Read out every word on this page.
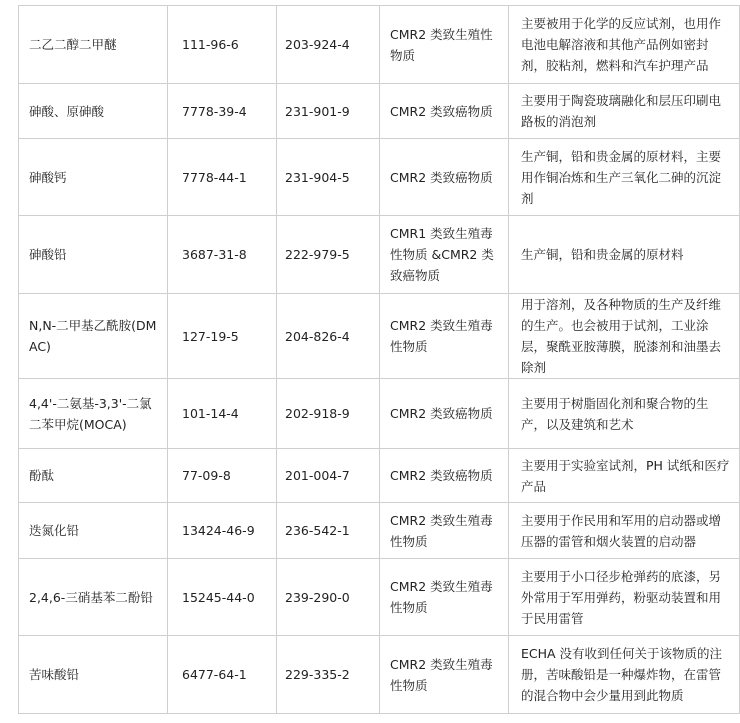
二乙二醇二甲醚	111-96-6	203-924-4	CMR2 类致生殖性物质	主要被用于化学的反应试剂，也用作电池电解溶液和其他产品例如密封剂，胶粘剂，燃料和汽车护理产品
砷酸、原砷酸	7778-39-4	231-901-9	CMR2 类致癌物质	主要用于陶瓷玻璃融化和层压印刷电路板的消泡剂
砷酸钙	7778-44-1	231-904-5	CMR2 类致癌物质	生产铜，铅和贵金属的原材料，主要用作铜冶炼和生产三氧化二砷的沉淀剂
砷酸铅	3687-31-8	222-979-5	CMR1 类致生殖毒性物质 &CMR2 类致癌物质	生产铜，铅和贵金属的原材料
N,N-二甲基乙酰胺(DMAC)	127-19-5	204-826-4	CMR2 类致生殖毒性物质	用于溶剂，及各种物质的生产及纤维的生产。也会被用于试剂，工业涂层，聚酰亚胺薄膜，脱漆剂和油墨去除剂
4,4'-二氨基-3,3'-二氯二苯甲烷(MOCA)	101-14-4	202-918-9	CMR2 类致癌物质	主要用于树脂固化剂和聚合物的生产，以及建筑和艺术
酚酞	77-09-8	201-004-7	CMR2 类致癌物质	主要用于实验室试剂，PH 试纸和医疗产品
迭氮化铅	13424-46-9	236-542-1	CMR2 类致生殖毒性物质	主要用于作民用和军用的启动器或增压器的雷管和烟火装置的启动器
2,4,6-三硝基苯二酚铅	15245-44-0	239-290-0	CMR2 类致生殖毒性物质	主要用于小口径步枪弹药的底漆，另外常用于军用弹药，粉驱动装置和用于民用雷管
苦味酸铅	6477-64-1	229-335-2	CMR2 类致生殖毒性物质	ECHA 没有收到任何关于该物质的注册，苦味酸铅是一种爆炸物，在雷管的混合物中会少量用到此物质
